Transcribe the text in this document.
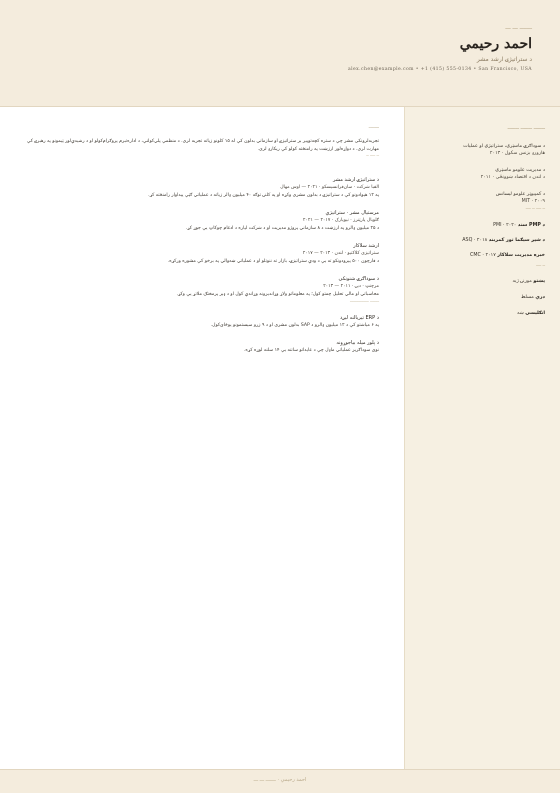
ـــــــ ـــ ـــ
احمد رحیمي
د ستراتیژۍ ارشد مشر
alex.chen@example.com • +1 (415) 555-0134 • San Francisco, USA
ـــــــ
تجربه‌لرونکی مشر چې د ستره کچه‌توپیر بر ستراتیژۍ او سازماني بدلون کې له ۱۵ کلونو زیاته تجربه لري. د منظمې پلي‌کولنې، د اداره‌تبرم پروګرام‌کولو او د رشیدې‌لور ټیمونو په رهبرۍ کې مهارت لري. د دواړه‌لور ارزښت په رامنځته کولو کې ریکارډ لري.
ــ ــــ ــ
د ستراتیژۍ ارشد مشر
الفبا شرکت · سان‌فرانسیسکو · ۲۰۲۱ — اوس مهال
په ۱۲ هېوادونو کې د ستراتیژۍ د بدلون مشري وکړه او په کلنۍ توګه ۴۰ میلیون ډالر زیاته د عملیاتي ګټې پیداوار رامنځته کړ.
مرستیال مشر · ستراتیژي
ګلوبال پارټنرز · نیویارک · ۲۰۱۷ — ۲۰۲۱
د ۲۵ میلیون ډالرو په ارزښت د ۸ سازماني پروژو مدیریت او د شرکت لپاره د ادغام چوکاټ یې جوړ کړ.
ارشد سلاکار
ستراتیژي کلاکتیو · لندن · ۲۰۱۳ — ۲۰۱۷
د فارچون ۵۰۰ پېرودونکو ته یې د ودې ستراتیژۍ، بازار ته ننوتلو او د عملیاتي ښه‌والي په برخو کې مشوره ورکړه.
د سوداګرۍ شنونکی
مرچنټ · دبۍ · ۲۰۱۱ — ۲۰۱۳
محاسباتي او مالي تحلیل چمتو کول؛ په معلوماتو ولاړ وړاندیزونه وړاندې کول او د ډېر پرمختګ ملاتړ یې وکړ.
ـــــــ ـــــــــــــــ
د ERP تیریالنه لیږد
په ۶ میاشتو کې د ۱۲ میلیون ډالرو د SAP بدلون مشري او د ۹ زرو سیستمونو یوځای‌کول.
د پلور میله بیاجوړونه
نوی سوداګریز عملیاتي ماډل چې د عایداتو ساتنه یې ۱۴ سلنه لوړه کړه.
ـــــــ ـــــــ ـــــــ
د سوداګرۍ ماسټري، ستراتیژي او عملیات
هارورډ بزنس سکول · ۲۰۱۳
د مدیریت علومو ماسټري
د لندن د اقتصاد ښوونځی · ۲۰۱۱
د کمپیوټر علومو لیسانس
MIT · ۲۰۰۹
ــ ــــ ــ ــــ
د PMP سند PMI · ۲۰۲۰
د شپږ سیګما تور کمربند ASQ · ۲۰۱۸
خبره مدیریت سلاکار CMC · ۲۰۱۷
ــ ــــ
پښتو مورنۍ ژبه
دري مسلط
انګلیسي ښه
احمد رحیمي · ـــــــ ـــ ـــ
